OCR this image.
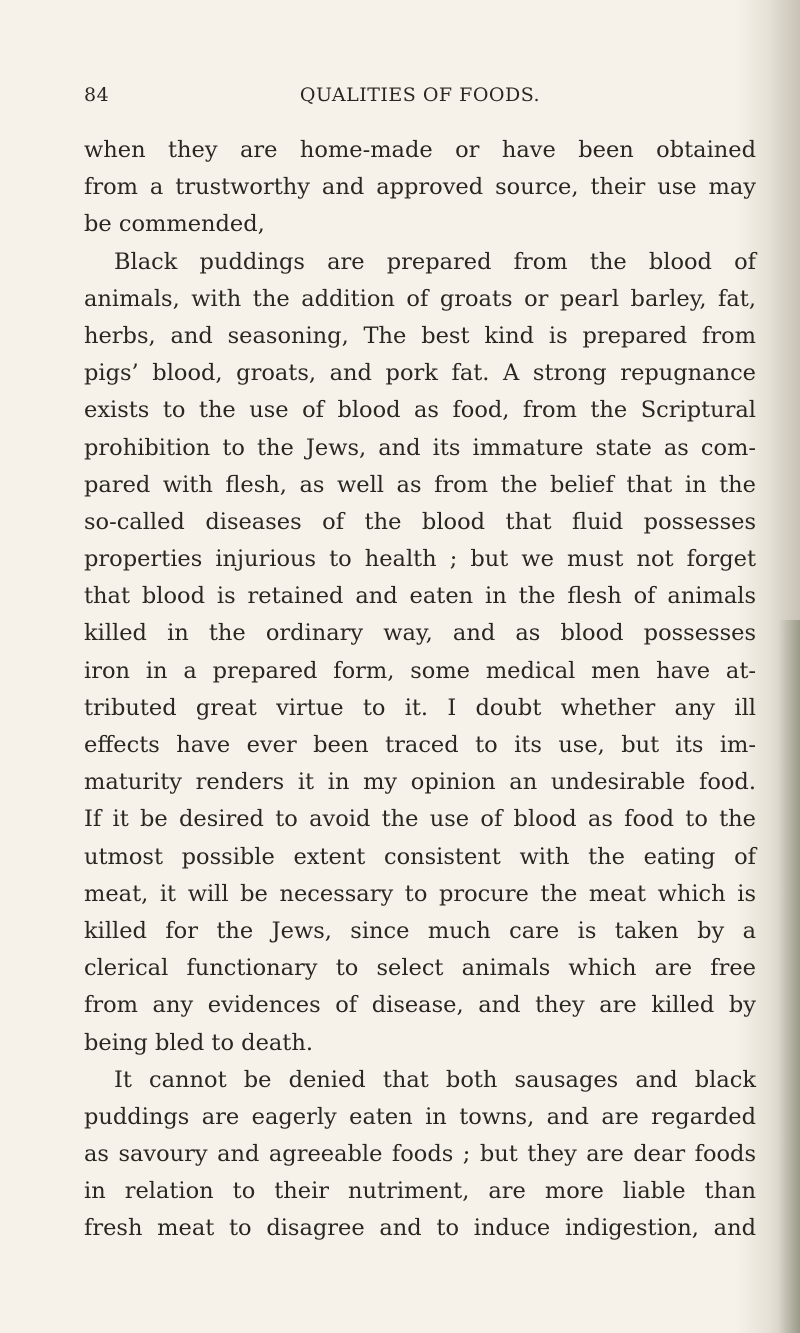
84	QUALITIES OF FOODS.
when they are home-made or have been obtained
from a trustworthy and approved source, their use may
be commended,
Black puddings are prepared from the blood of
animals, with the addition of groats or pearl barley, fat,
herbs, and seasoning, The best kind is prepared from
pigs’ blood, groats, and pork fat. A strong repugnance
exists to the use of blood as food, from the Scriptural
prohibition to the Jews, and its immature state as com-
pared with flesh, as well as from the belief that in the
so-called diseases of the blood that fluid possesses
properties injurious to health ; but we must not forget
that blood is retained and eaten in the flesh of animals
killed in the ordinary way, and as blood possesses
iron in a prepared form, some medical men have at-
tributed great virtue to it. I doubt whether any ill
effects have ever been traced to its use, but its im-
maturity renders it in my opinion an undesirable food.
If it be desired to avoid the use of blood as food to the
utmost possible extent consistent with the eating of
meat, it will be necessary to procure the meat which is
killed for the Jews, since much care is taken by a
clerical functionary to select animals which are free
from any evidences of disease, and they are killed by
being bled to death.
It cannot be denied that both sausages and black
puddings are eagerly eaten in towns, and are regarded
as savoury and agreeable foods ; but they are dear foods
in relation to their nutriment, are more liable than
fresh meat to disagree and to induce indigestion, and
